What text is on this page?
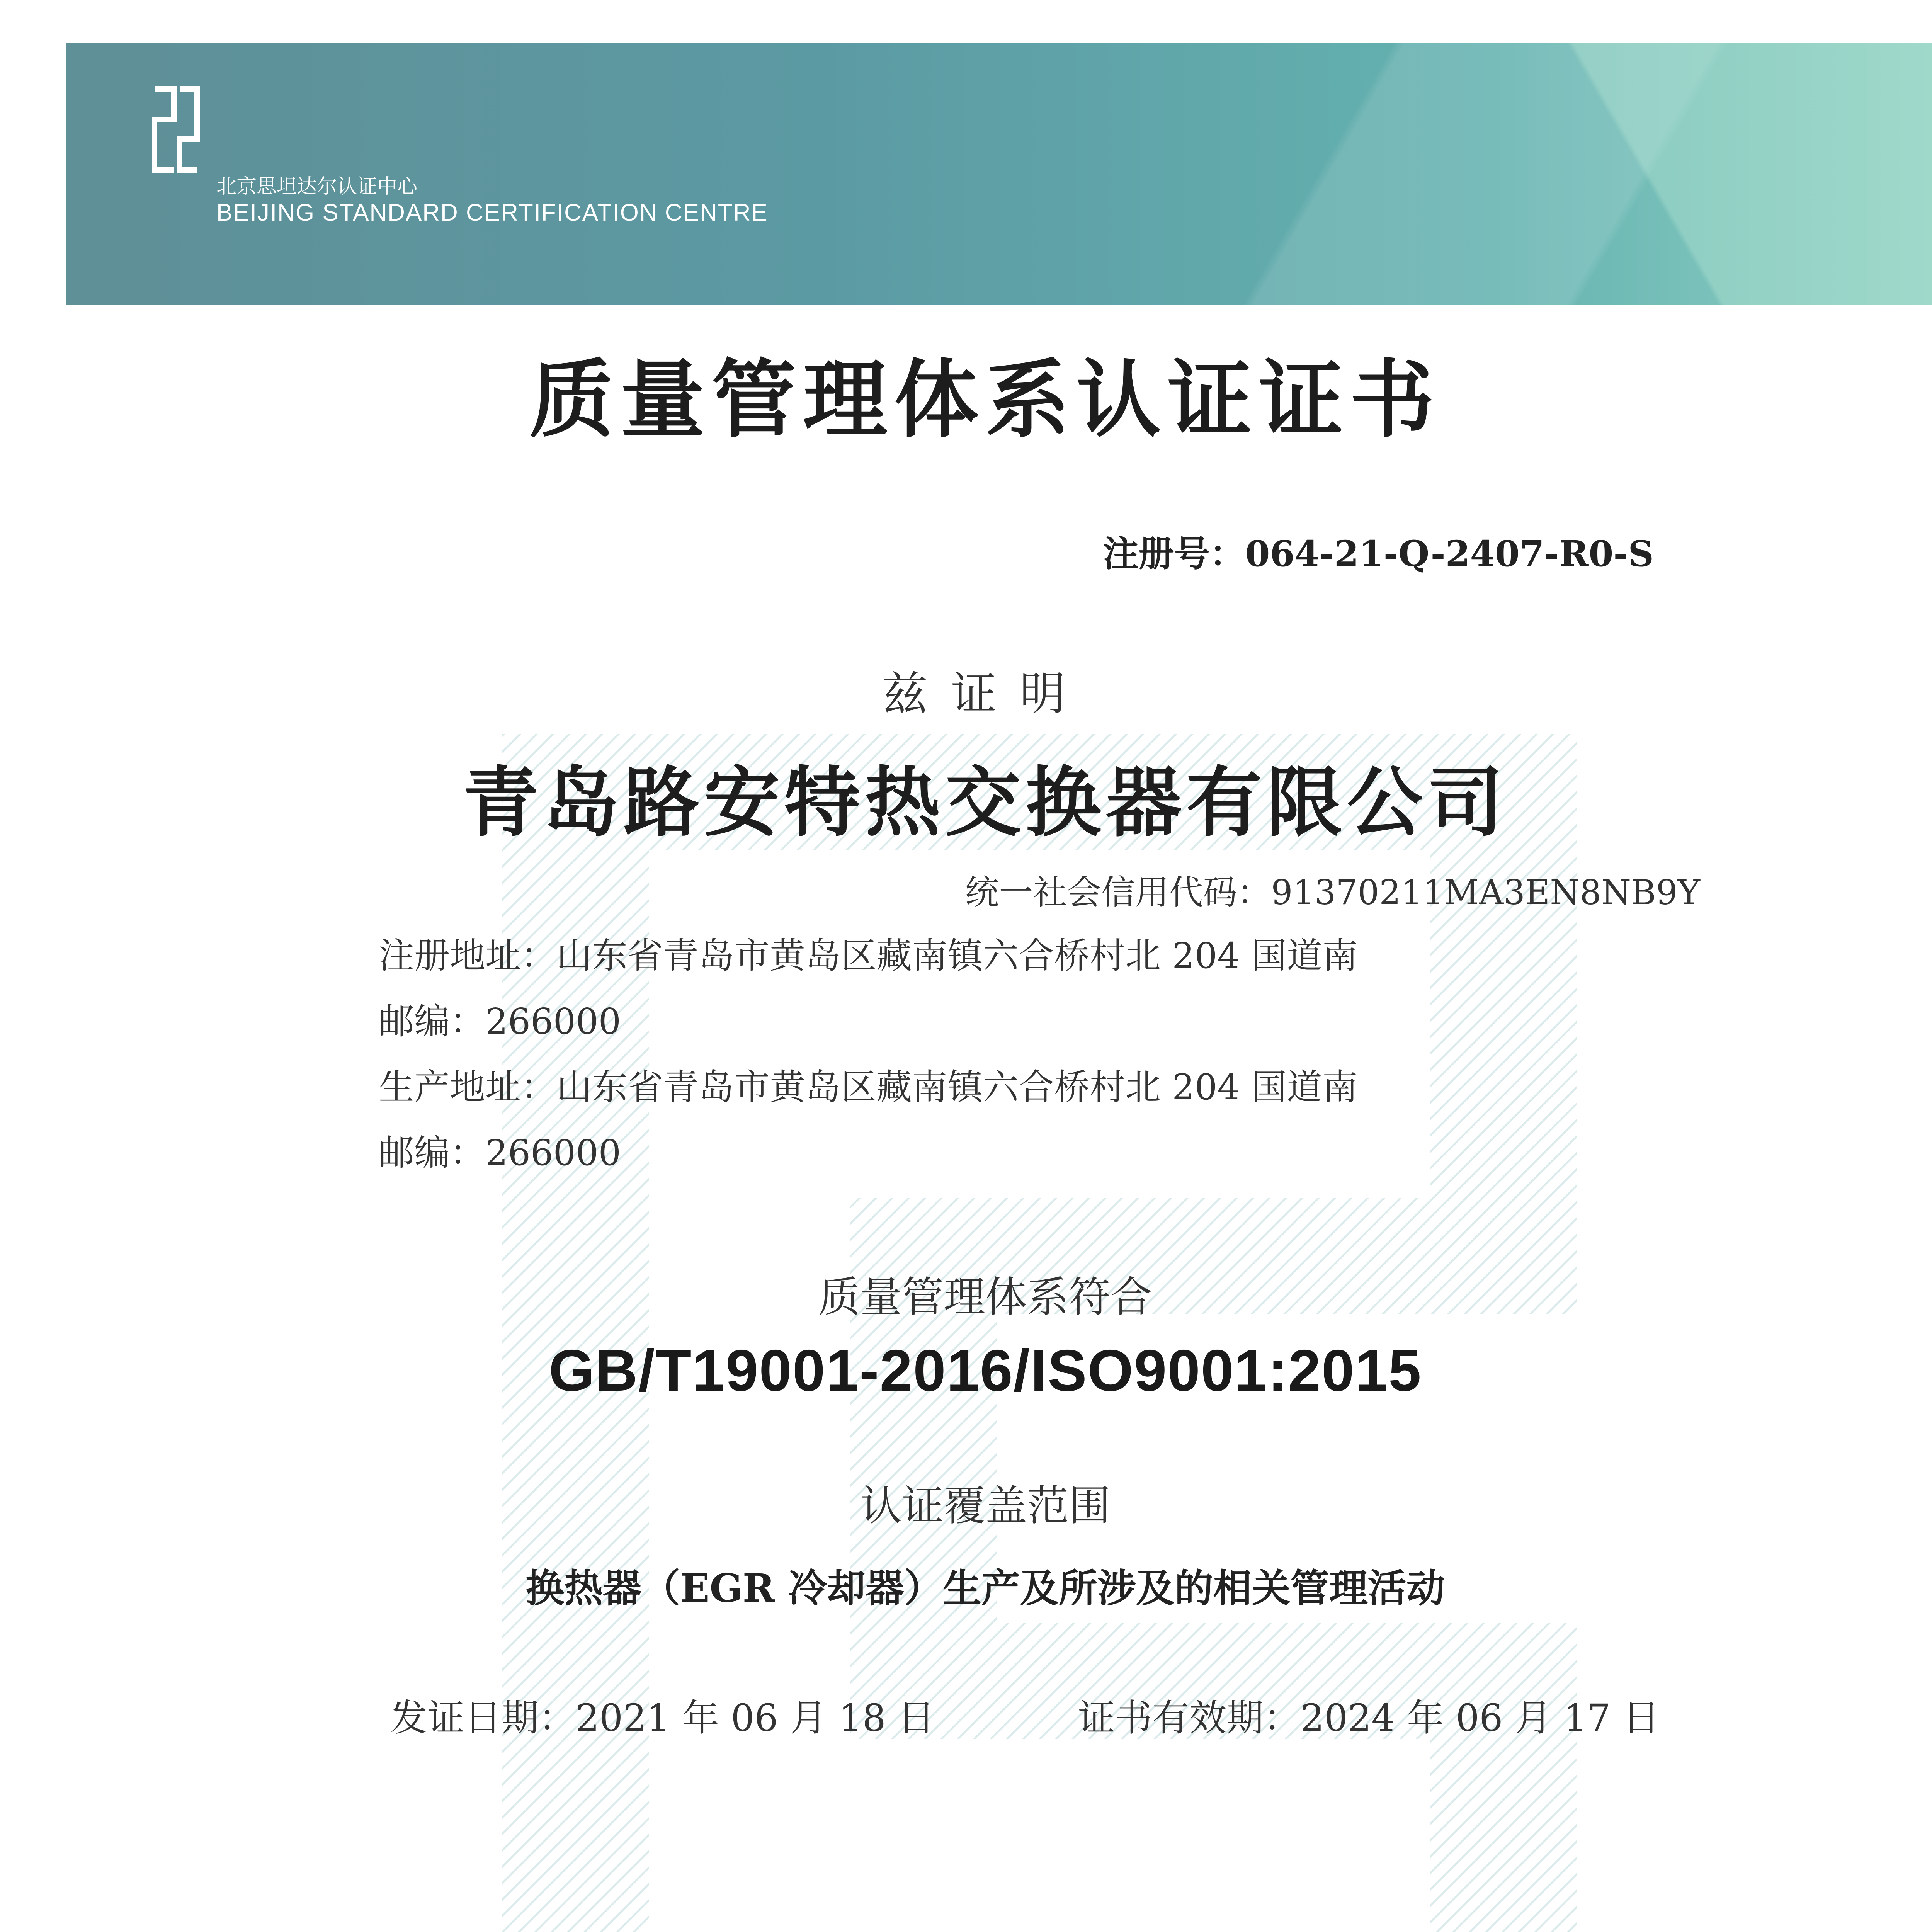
北京思坦达尔认证中心
BEIJING STANDARD CERTIFICATION CENTRE
质量管理体系认证证书
注册号：064-21-Q-2407-R0-S
兹证明
青岛路安特热交换器有限公司
统一社会信用代码：91370211MA3EN8NB9Y
注册地址：山东省青岛市黄岛区藏南镇六合桥村北 204 国道南
邮编：266000
生产地址：山东省青岛市黄岛区藏南镇六合桥村北 204 国道南
邮编：266000
质量管理体系符合
GB/T19001-2016/ISO9001:2015
认证覆盖范围
换热器（EGR 冷却器）生产及所涉及的相关管理活动
发证日期：2021 年 06 月 18 日	证书有效期：2024 年 06 月 17 日
